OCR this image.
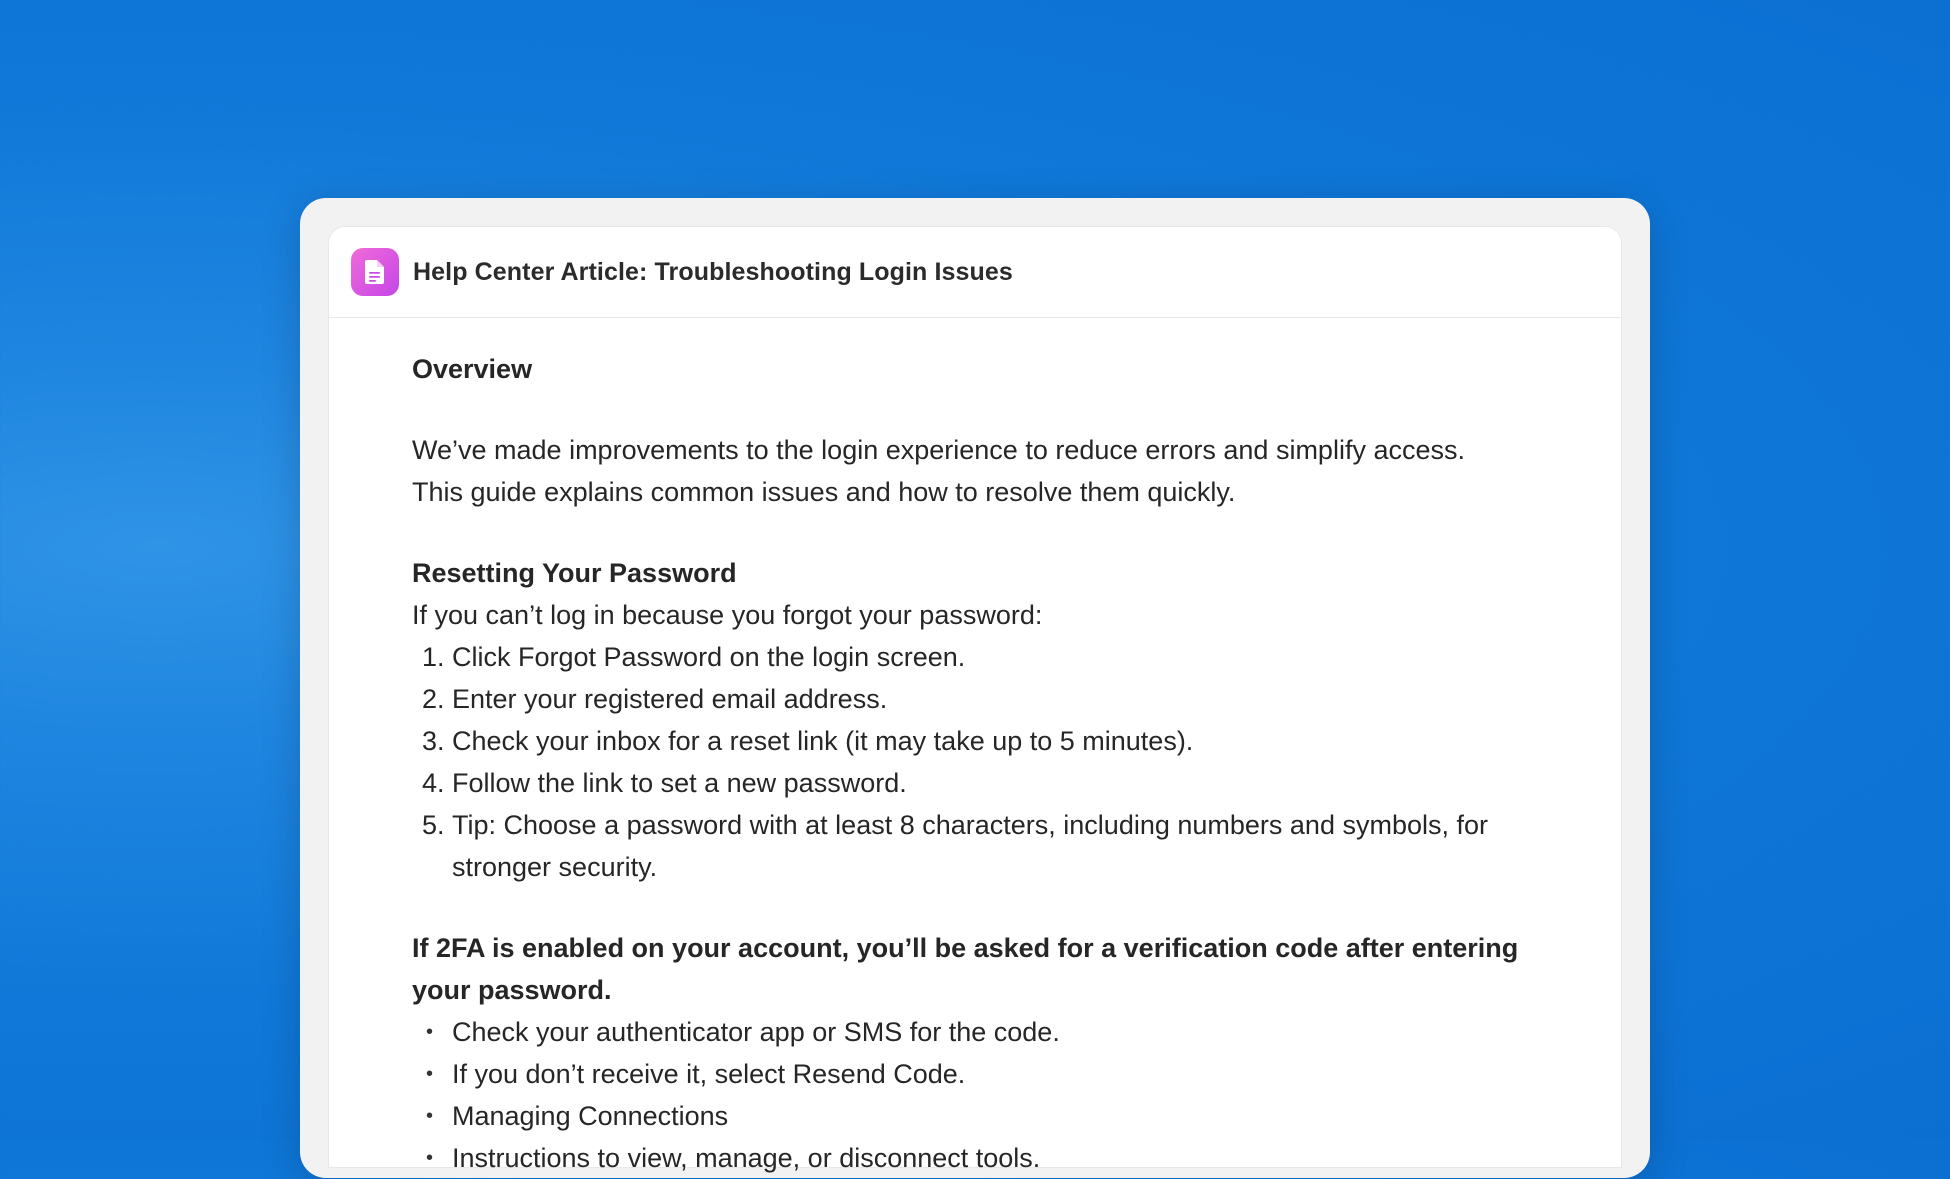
Help Center Article: Troubleshooting Login Issues

Overview

We’ve made improvements to the login experience to reduce errors and simplify access.

This guide explains common issues and how to resolve them quickly.

Resetting Your Password

If you can’t log in because you forgot your password:

1. Click Forgot Password on the login screen.
2. Enter your registered email address.
3. Check your inbox for a reset link (it may take up to 5 minutes).
4. Follow the link to set a new password.
5. Tip: Choose a password with at least 8 characters, including numbers and symbols, for stronger security.

If 2FA is enabled on your account, you’ll be asked for a verification code after entering your password.

• Check your authenticator app or SMS for the code.
• If you don’t receive it, select Resend Code.
• Managing Connections
• Instructions to view, manage, or disconnect tools.
